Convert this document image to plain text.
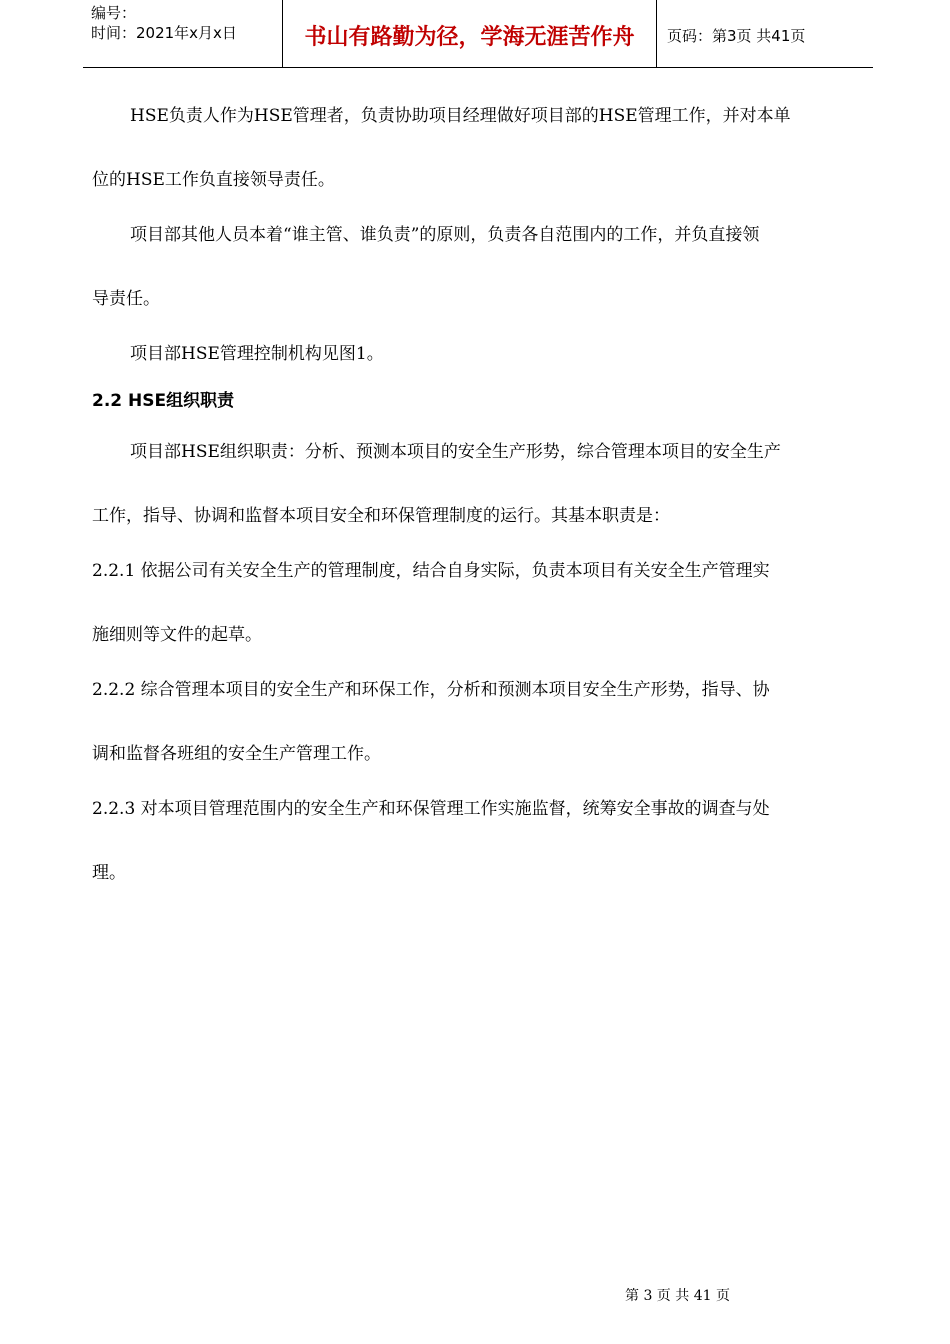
编号：
时间：2021年x月x日	书山有路勤为径，学海无涯苦作舟	页码：第3页 共41页
HSE负责人作为HSE管理者，负责协助项目经理做好项目部的HSE管理工作，并对本单
位的HSE工作负直接领导责任。
项目部其他人员本着“谁主管、谁负责”的原则，负责各自范围内的工作，并负直接领
导责任。
项目部HSE管理控制机构见图1。
2.2 HSE组织职责
项目部HSE组织职责：分析、预测本项目的安全生产形势，综合管理本项目的安全生产
工作，指导、协调和监督本项目安全和环保管理制度的运行。其基本职责是：
2.2.1 依据公司有关安全生产的管理制度，结合自身实际，负责本项目有关安全生产管理实
施细则等文件的起草。
2.2.2 综合管理本项目的安全生产和环保工作，分析和预测本项目安全生产形势，指导、协
调和监督各班组的安全生产管理工作。
2.2.3 对本项目管理范围内的安全生产和环保管理工作实施监督，统筹安全事故的调查与处
理。
第 3 页 共 41 页
